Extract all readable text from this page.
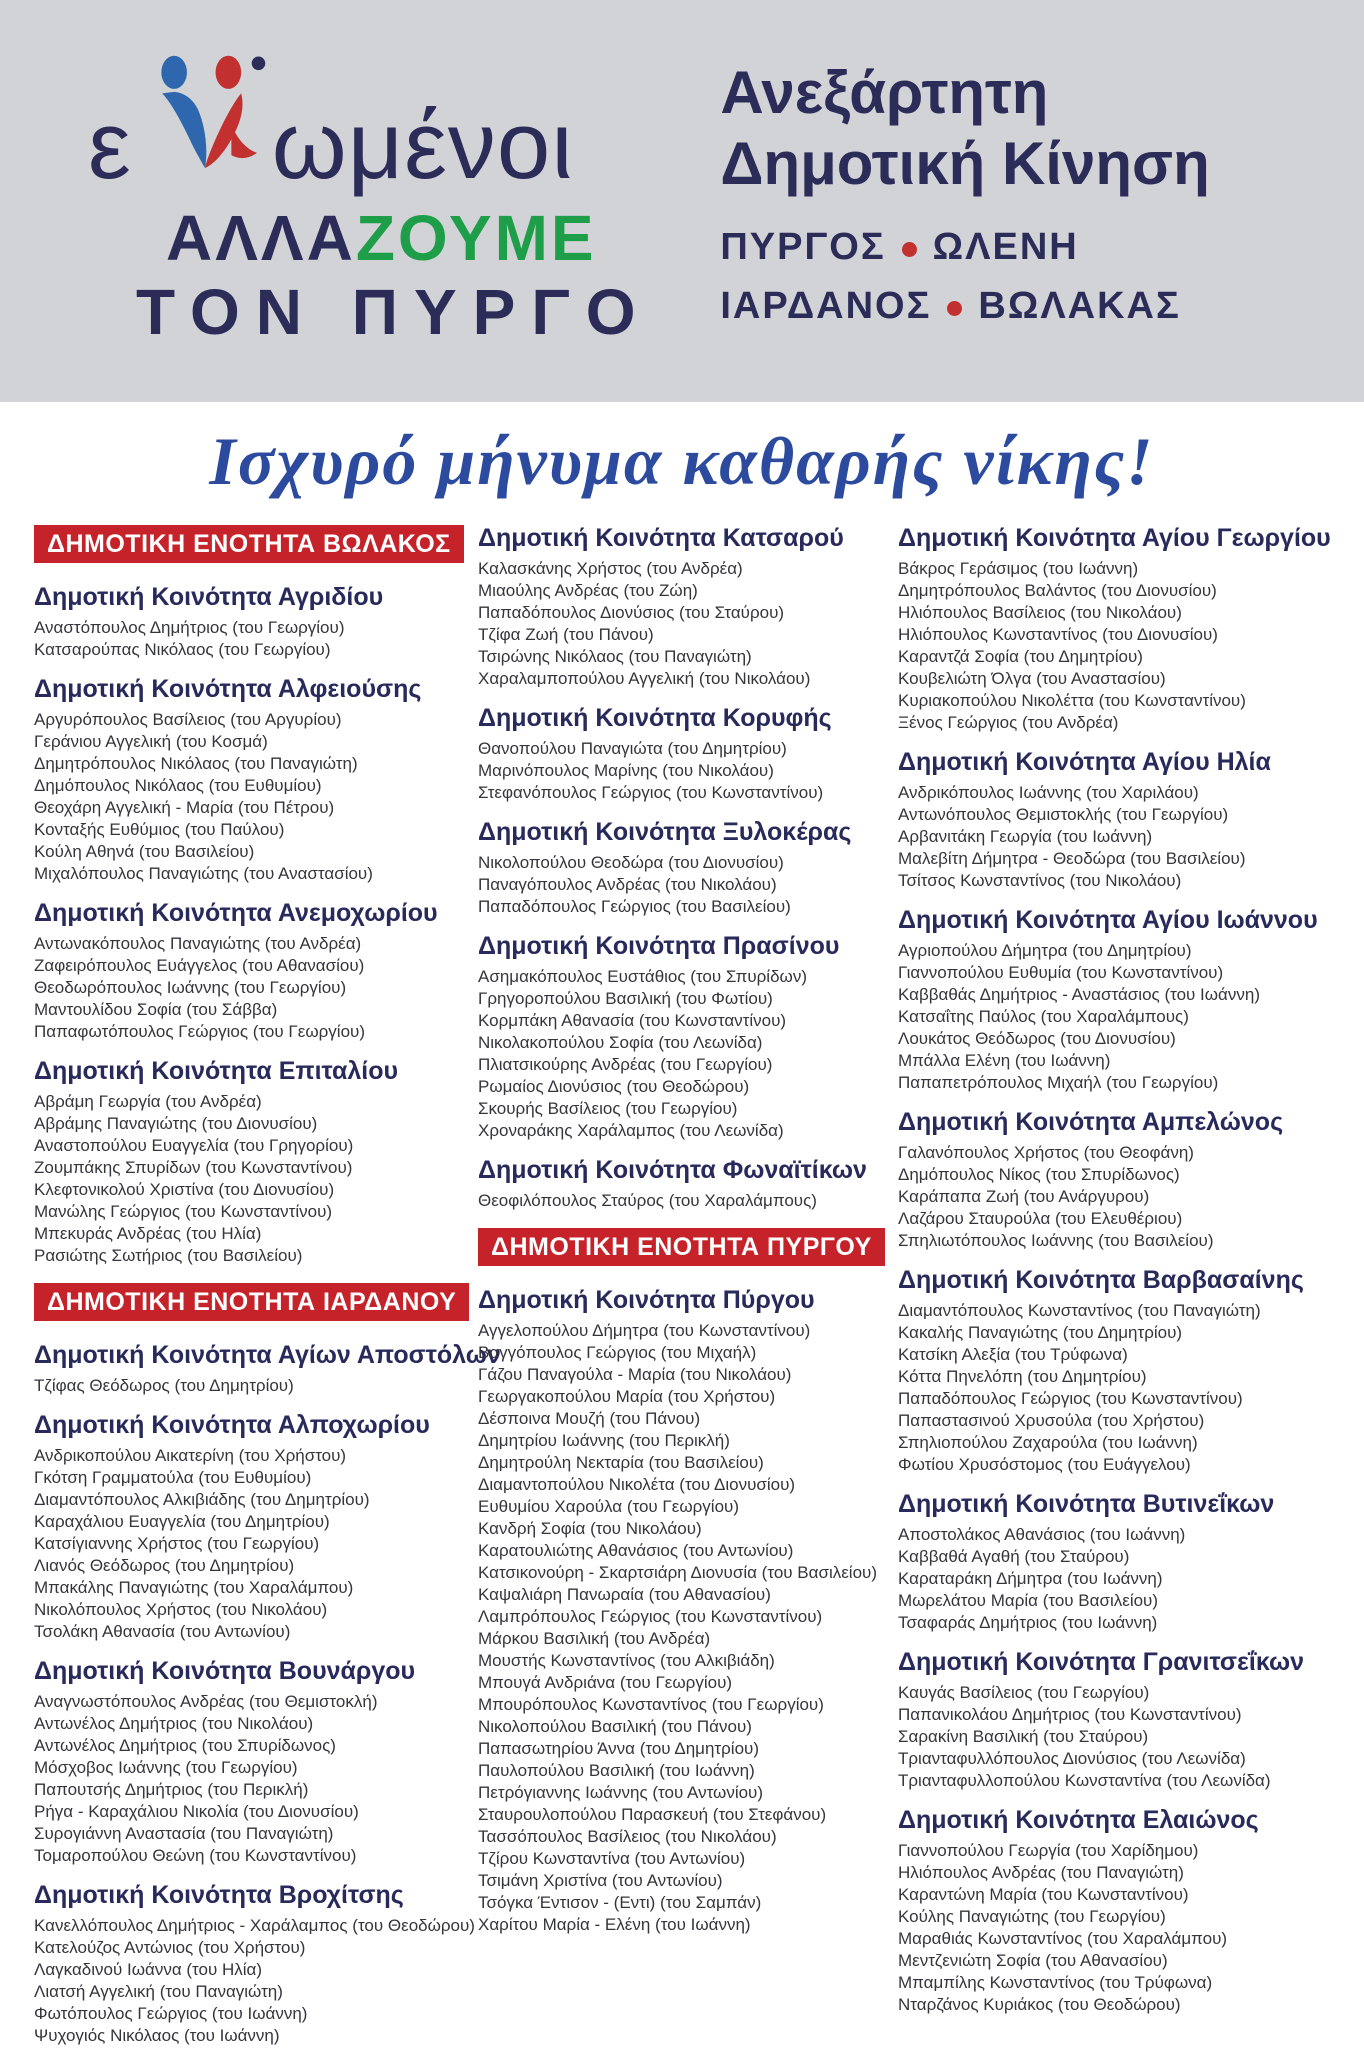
ε ωμένοι
ΑΛΛΑΖΟΥΜΕ
ΤΟΝ ΠΥΡΓΟ
Ανεξάρτητη
Δημοτική Κίνηση
ΠΥΡΓΟΣ ΩΛΕΝΗ
ΙΑΡΔΑΝΟΣ ΒΩΛΑΚΑΣ
Ισχυρό μήνυμα καθαρής νίκης!
ΔΗΜΟΤΙΚΗ ΕΝΟΤΗΤΑ ΒΩΛΑΚΟΣ
Δημοτική Κοινότητα Αγριδίου
Αναστόπουλος Δημήτριος (του Γεωργίου)
Κατσαρούπας Νικόλαος (του Γεωργίου)
Δημοτική Κοινότητα Αλφειούσης
Αργυρόπουλος Βασίλειος (του Αργυρίου)
Γεράνιου Αγγελική (του Κοσμά)
Δημητρόπουλος Νικόλαος (του Παναγιώτη)
Δημόπουλος Νικόλαος (του Ευθυμίου)
Θεοχάρη Αγγελική - Μαρία (του Πέτρου)
Κονταξής Ευθύμιος (του Παύλου)
Κούλη Αθηνά (του Βασιλείου)
Μιχαλόπουλος Παναγιώτης (του Αναστασίου)
Δημοτική Κοινότητα Ανεμοχωρίου
Αντωνακόπουλος Παναγιώτης (του Ανδρέα)
Ζαφειρόπουλος Ευάγγελος (του Αθανασίου)
Θεοδωρόπουλος Ιωάννης (του Γεωργίου)
Μαντουλίδου Σοφία (του Σάββα)
Παπαφωτόπουλος Γεώργιος (του Γεωργίου)
Δημοτική Κοινότητα Επιταλίου
Αβράμη Γεωργία (του Ανδρέα)
Αβράμης Παναγιώτης (του Διονυσίου)
Αναστοπούλου Ευαγγελία (του Γρηγορίου)
Ζουμπάκης Σπυρίδων (του Κωνσταντίνου)
Κλεφτονικολού Χριστίνα (του Διονυσίου)
Μανώλης Γεώργιος (του Κωνσταντίνου)
Μπεκυράς Ανδρέας (του Ηλία)
Ρασιώτης Σωτήριος (του Βασιλείου)
ΔΗΜΟΤΙΚΗ ΕΝΟΤΗΤΑ ΙΑΡΔΑΝΟΥ
Δημοτική Κοινότητα Αγίων Αποστόλων
Τζίφας Θεόδωρος (του Δημητρίου)
Δημοτική Κοινότητα Αλποχωρίου
Ανδρικοπούλου Αικατερίνη (του Χρήστου)
Γκότση Γραμματούλα (του Ευθυμίου)
Διαμαντόπουλος Αλκιβιάδης (του Δημητρίου)
Καραχάλιου Ευαγγελία (του Δημητρίου)
Κατσίγιαννης Χρήστος (του Γεωργίου)
Λιανός Θεόδωρος (του Δημητρίου)
Μπακάλης Παναγιώτης (του Χαραλάμπου)
Νικολόπουλος Χρήστος (του Νικολάου)
Τσολάκη Αθανασία (του Αντωνίου)
Δημοτική Κοινότητα Βουνάργου
Αναγνωστόπουλος Ανδρέας (του Θεμιστοκλή)
Αντωνέλος Δημήτριος (του Νικολάου)
Αντωνέλος Δημήτριος (του Σπυρίδωνος)
Μόσχοβος Ιωάννης (του Γεωργίου)
Παπουτσής Δημήτριος (του Περικλή)
Ρήγα - Καραχάλιου Νικολία (του Διονυσίου)
Συρογιάννη Αναστασία (του Παναγιώτη)
Τομαροπούλου Θεώνη (του Κωνσταντίνου)
Δημοτική Κοινότητα Βροχίτσης
Κανελλόπουλος Δημήτριος - Χαράλαμπος (του Θεοδώρου)
Κατελούζος Αντώνιος (του Χρήστου)
Λαγκαδινού Ιωάννα (του Ηλία)
Λιατσή Αγγελική (του Παναγιώτη)
Φωτόπουλος Γεώργιος (του Ιωάννη)
Ψυχογιός Νικόλαος (του Ιωάννη)
Δημοτική Κοινότητα Κατσαρού
Καλασκάνης Χρήστος (του Ανδρέα)
Μιαούλης Ανδρέας (του Ζώη)
Παπαδόπουλος Διονύσιος (του Σταύρου)
Τζίφα Ζωή (του Πάνου)
Τσιρώνης Νικόλαος (του Παναγιώτη)
Χαραλαμποπούλου Αγγελική (του Νικολάου)
Δημοτική Κοινότητα Κορυφής
Θανοπούλου Παναγιώτα (του Δημητρίου)
Μαρινόπουλος Μαρίνης (του Νικολάου)
Στεφανόπουλος Γεώργιος (του Κωνσταντίνου)
Δημοτική Κοινότητα Ξυλοκέρας
Νικολοπούλου Θεοδώρα (του Διονυσίου)
Παναγόπουλος Ανδρέας (του Νικολάου)
Παπαδόπουλος Γεώργιος (του Βασιλείου)
Δημοτική Κοινότητα Πρασίνου
Ασημακόπουλος Ευστάθιος (του Σπυρίδων)
Γρηγοροπούλου Βασιλική (του Φωτίου)
Κορμπάκη Αθανασία (του Κωνσταντίνου)
Νικολακοπούλου Σοφία (του Λεωνίδα)
Πλιατσικούρης Ανδρέας (του Γεωργίου)
Ρωμαίος Διονύσιος (του Θεοδώρου)
Σκουρής Βασίλειος (του Γεωργίου)
Χροναράκης Χαράλαμπος (του Λεωνίδα)
Δημοτική Κοινότητα Φωναϊτίκων
Θεοφιλόπουλος Σταύρος (του Χαραλάμπους)
ΔΗΜΟΤΙΚΗ ΕΝΟΤΗΤΑ ΠΥΡΓΟΥ
Δημοτική Κοινότητα Πύργου
Αγγελοπούλου Δήμητρα (του Κωνσταντίνου)
Βαγγόπουλος Γεώργιος (του Μιχαήλ)
Γάζου Παναγούλα - Μαρία (του Νικολάου)
Γεωργακοπούλου Μαρία (του Χρήστου)
Δέσποινα Μουζή (του Πάνου)
Δημητρίου Ιωάννης (του Περικλή)
Δημητρούλη Νεκταρία (του Βασιλείου)
Διαμαντοπούλου Νικολέτα (του Διονυσίου)
Ευθυμίου Χαρούλα (του Γεωργίου)
Κανδρή Σοφία (του Νικολάου)
Καρατουλιώτης Αθανάσιος (του Αντωνίου)
Κατσικονούρη - Σκαρτσιάρη Διονυσία (του Βασιλείου)
Καψαλιάρη Πανωραία (του Αθανασίου)
Λαμπρόπουλος Γεώργιος (του Κωνσταντίνου)
Μάρκου Βασιλική (του Ανδρέα)
Μουστής Κωνσταντίνος (του Αλκιβιάδη)
Μπουγά Ανδριάνα (του Γεωργίου)
Μπουρόπουλος Κωνσταντίνος (του Γεωργίου)
Νικολοπούλου Βασιλική (του Πάνου)
Παπασωτηρίου Άννα (του Δημητρίου)
Παυλοπούλου Βασιλική (του Ιωάννη)
Πετρόγιαννης Ιωάννης (του Αντωνίου)
Σταυρουλοπούλου Παρασκευή (του Στεφάνου)
Τασσόπουλος Βασίλειος (του Νικολάου)
Τζίρου Κωνσταντίνα (του Αντωνίου)
Τσιμάνη Χριστίνα (του Αντωνίου)
Τσόγκα Έντισον - (Εντι) (του Σαμπάν)
Χαρίτου Μαρία - Ελένη (του Ιωάννη)
Δημοτική Κοινότητα Αγίου Γεωργίου
Βάκρος Γεράσιμος (του Ιωάννη)
Δημητρόπουλος Βαλάντος (του Διονυσίου)
Ηλιόπουλος Βασίλειος (του Νικολάου)
Ηλιόπουλος Κωνσταντίνος (του Διονυσίου)
Καραντζά Σοφία (του Δημητρίου)
Κουβελιώτη Όλγα (του Αναστασίου)
Κυριακοπούλου Νικολέττα (του Κωνσταντίνου)
Ξένος Γεώργιος (του Ανδρέα)
Δημοτική Κοινότητα Αγίου Ηλία
Ανδρικόπουλος Ιωάννης (του Χαριλάου)
Αντωνόπουλος Θεμιστοκλής (του Γεωργίου)
Αρβανιτάκη Γεωργία (του Ιωάννη)
Μαλεβίτη Δήμητρα - Θεοδώρα (του Βασιλείου)
Τσίτσος Κωνσταντίνος (του Νικολάου)
Δημοτική Κοινότητα Αγίου Ιωάννου
Αγριοπούλου Δήμητρα (του Δημητρίου)
Γιαννοπούλου Ευθυμία (του Κωνσταντίνου)
Καββαθάς Δημήτριος - Αναστάσιος (του Ιωάννη)
Κατσαΐτης Παύλος (του Χαραλάμπους)
Λουκάτος Θεόδωρος (του Διονυσίου)
Μπάλλα Ελένη (του Ιωάννη)
Παπαπετρόπουλος Μιχαήλ (του Γεωργίου)
Δημοτική Κοινότητα Αμπελώνος
Γαλανόπουλος Χρήστος (του Θεοφάνη)
Δημόπουλος Νίκος (του Σπυρίδωνος)
Καράπαπα Ζωή (του Ανάργυρου)
Λαζάρου Σταυρούλα (του Ελευθέριου)
Σπηλιωτόπουλος Ιωάννης (του Βασιλείου)
Δημοτική Κοινότητα Βαρβασαίνης
Διαμαντόπουλος Κωνσταντίνος (του Παναγιώτη)
Κακαλής Παναγιώτης (του Δημητρίου)
Κατσίκη Αλεξία (του Τρύφωνα)
Κόττα Πηνελόπη (του Δημητρίου)
Παπαδόπουλος Γεώργιος (του Κωνσταντίνου)
Παπαστασινού Χρυσούλα (του Χρήστου)
Σπηλιοπούλου Ζαχαρούλα (του Ιωάννη)
Φωτίου Χρυσόστομος (του Ευάγγελου)
Δημοτική Κοινότητα Βυτινεΐκων
Αποστολάκος Αθανάσιος (του Ιωάννη)
Καββαθά Αγαθή (του Σταύρου)
Καραταράκη Δήμητρα (του Ιωάννη)
Μωρελάτου Μαρία (του Βασιλείου)
Τσαφαράς Δημήτριος (του Ιωάννη)
Δημοτική Κοινότητα Γρανιτσεΐκων
Καυγάς Βασίλειος (του Γεωργίου)
Παπανικολάου Δημήτριος (του Κωνσταντίνου)
Σαρακίνη Βασιλική (του Σταύρου)
Τριανταφυλλόπουλος Διονύσιος (του Λεωνίδα)
Τριανταφυλλοπούλου Κωνσταντίνα (του Λεωνίδα)
Δημοτική Κοινότητα Ελαιώνος
Γιαννοπούλου Γεωργία (του Χαρίδημου)
Ηλιόπουλος Ανδρέας (του Παναγιώτη)
Καραντώνη Μαρία (του Κωνσταντίνου)
Κούλης Παναγιώτης (του Γεωργίου)
Μαραθιάς Κωνσταντίνος (του Χαραλάμπου)
Μεντζενιώτη Σοφία (του Αθανασίου)
Μπαμπίλης Κωνσταντίνος (του Τρύφωνα)
Νταρζάνος Κυριάκος (του Θεοδώρου)
